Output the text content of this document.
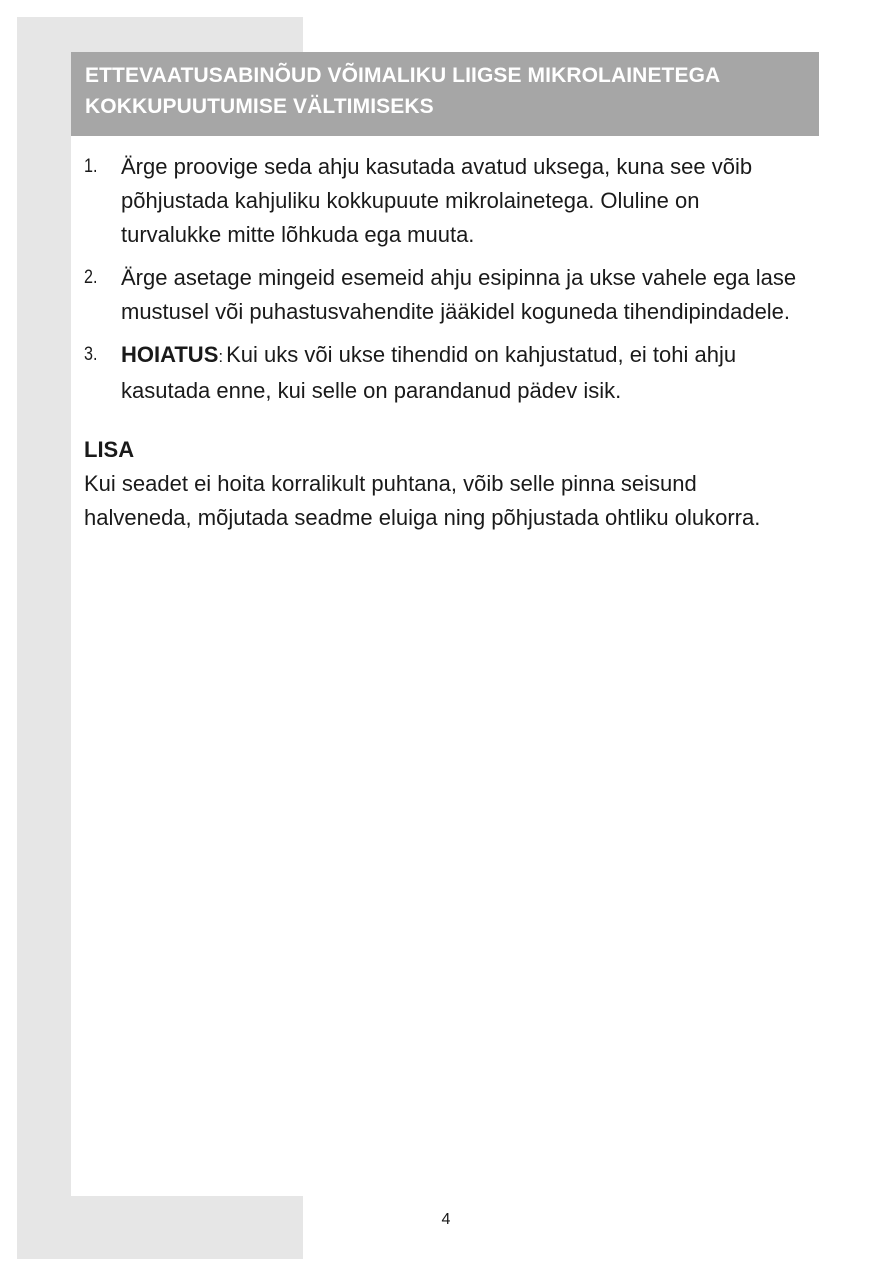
ETTEVAATUSABINÕUD VÕIMALIKU LIIGSE MIKROLAINETEGA
KOKKUPUUTUMISE VÄLTIMISEKS
1. Ärge proovige seda ahju kasutada avatud uksega, kuna see võib põhjustada kahjuliku kokkupuute mikrolainetega. Oluline on turvalukke mitte lõhkuda ega muuta.
2. Ärge asetage mingeid esemeid ahju esipinna ja ukse vahele ega lase mustusel või puhastusvahendite jääkidel koguneda tihendipindadele.
3. HOIATUS: Kui uks või ukse tihendid on kahjustatud, ei tohi ahju kasutada enne, kui selle on parandanud pädev isik.

LISA

Kui seadet ei hoita korralikult puhtana, võib selle pinna seisund halveneda, mõjutada seadme eluiga ning põhjustada ohtliku olukorra.

4
